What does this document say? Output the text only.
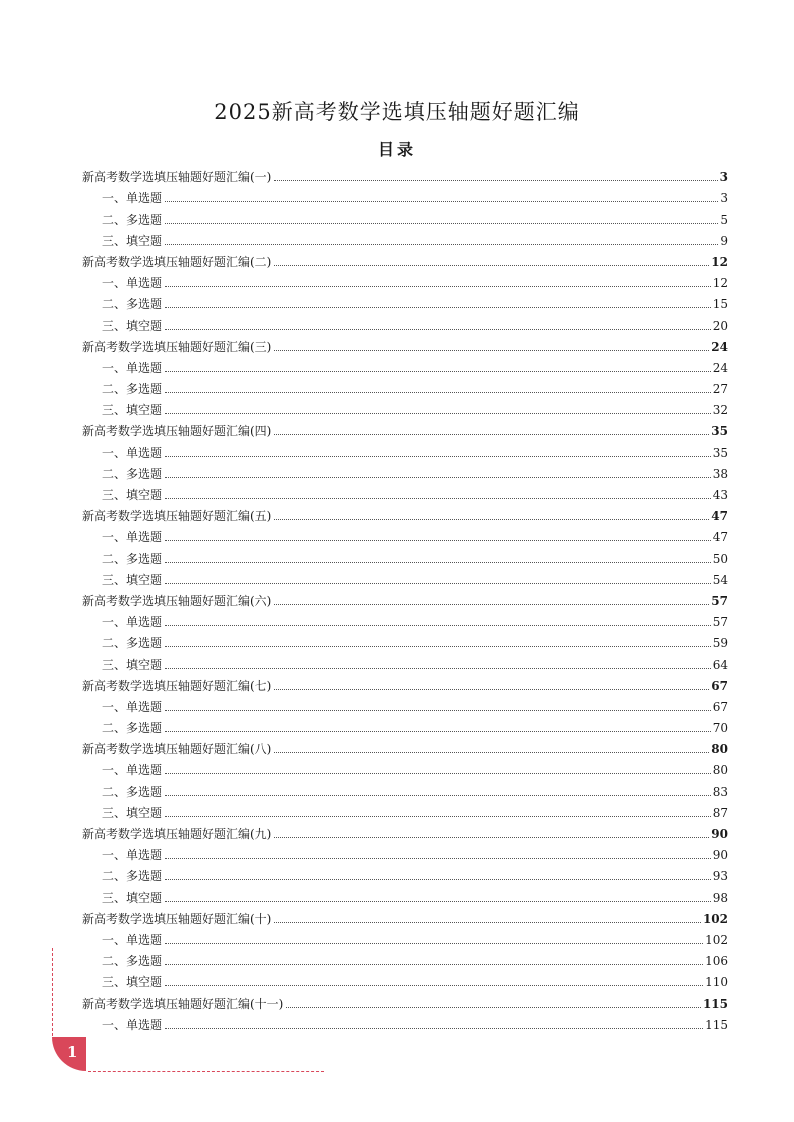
2025新高考数学选填压轴题好题汇编
目录
新高考数学选填压轴题好题汇编(一)	3
一、单选题	3
二、多选题	5
三、填空题	9
新高考数学选填压轴题好题汇编(二)	12
一、单选题	12
二、多选题	15
三、填空题	20
新高考数学选填压轴题好题汇编(三)	24
一、单选题	24
二、多选题	27
三、填空题	32
新高考数学选填压轴题好题汇编(四)	35
一、单选题	35
二、多选题	38
三、填空题	43
新高考数学选填压轴题好题汇编(五)	47
一、单选题	47
二、多选题	50
三、填空题	54
新高考数学选填压轴题好题汇编(六)	57
一、单选题	57
二、多选题	59
三、填空题	64
新高考数学选填压轴题好题汇编(七)	67
一、单选题	67
二、多选题	70
新高考数学选填压轴题好题汇编(八)	80
一、单选题	80
二、多选题	83
三、填空题	87
新高考数学选填压轴题好题汇编(九)	90
一、单选题	90
二、多选题	93
三、填空题	98
新高考数学选填压轴题好题汇编(十)	102
一、单选题	102
二、多选题	106
三、填空题	110
新高考数学选填压轴题好题汇编(十一)	115
一、单选题	115
1
